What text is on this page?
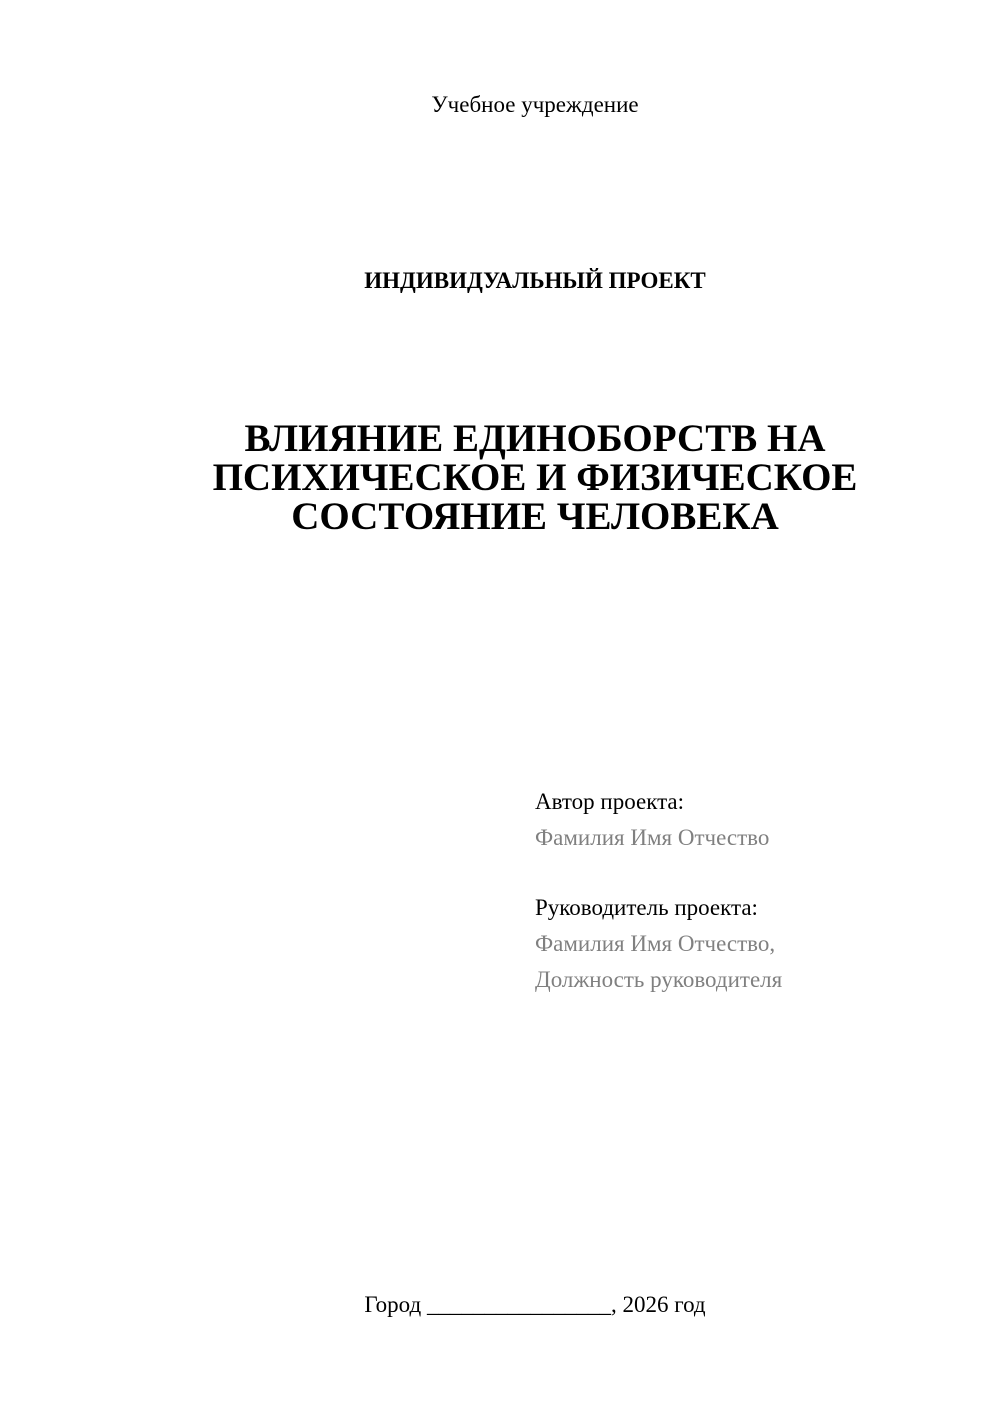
Учебное учреждение
ИНДИВИДУАЛЬНЫЙ ПРОЕКТ
ВЛИЯНИЕ ЕДИНОБОРСТВ НА
ПСИХИЧЕСКОЕ И ФИЗИЧЕСКОЕ
СОСТОЯНИЕ ЧЕЛОВЕКА
Автор проекта:
Фамилия Имя Отчество
Руководитель проекта:
Фамилия Имя Отчество,
Должность руководителя
Город ________________, 2026 год
